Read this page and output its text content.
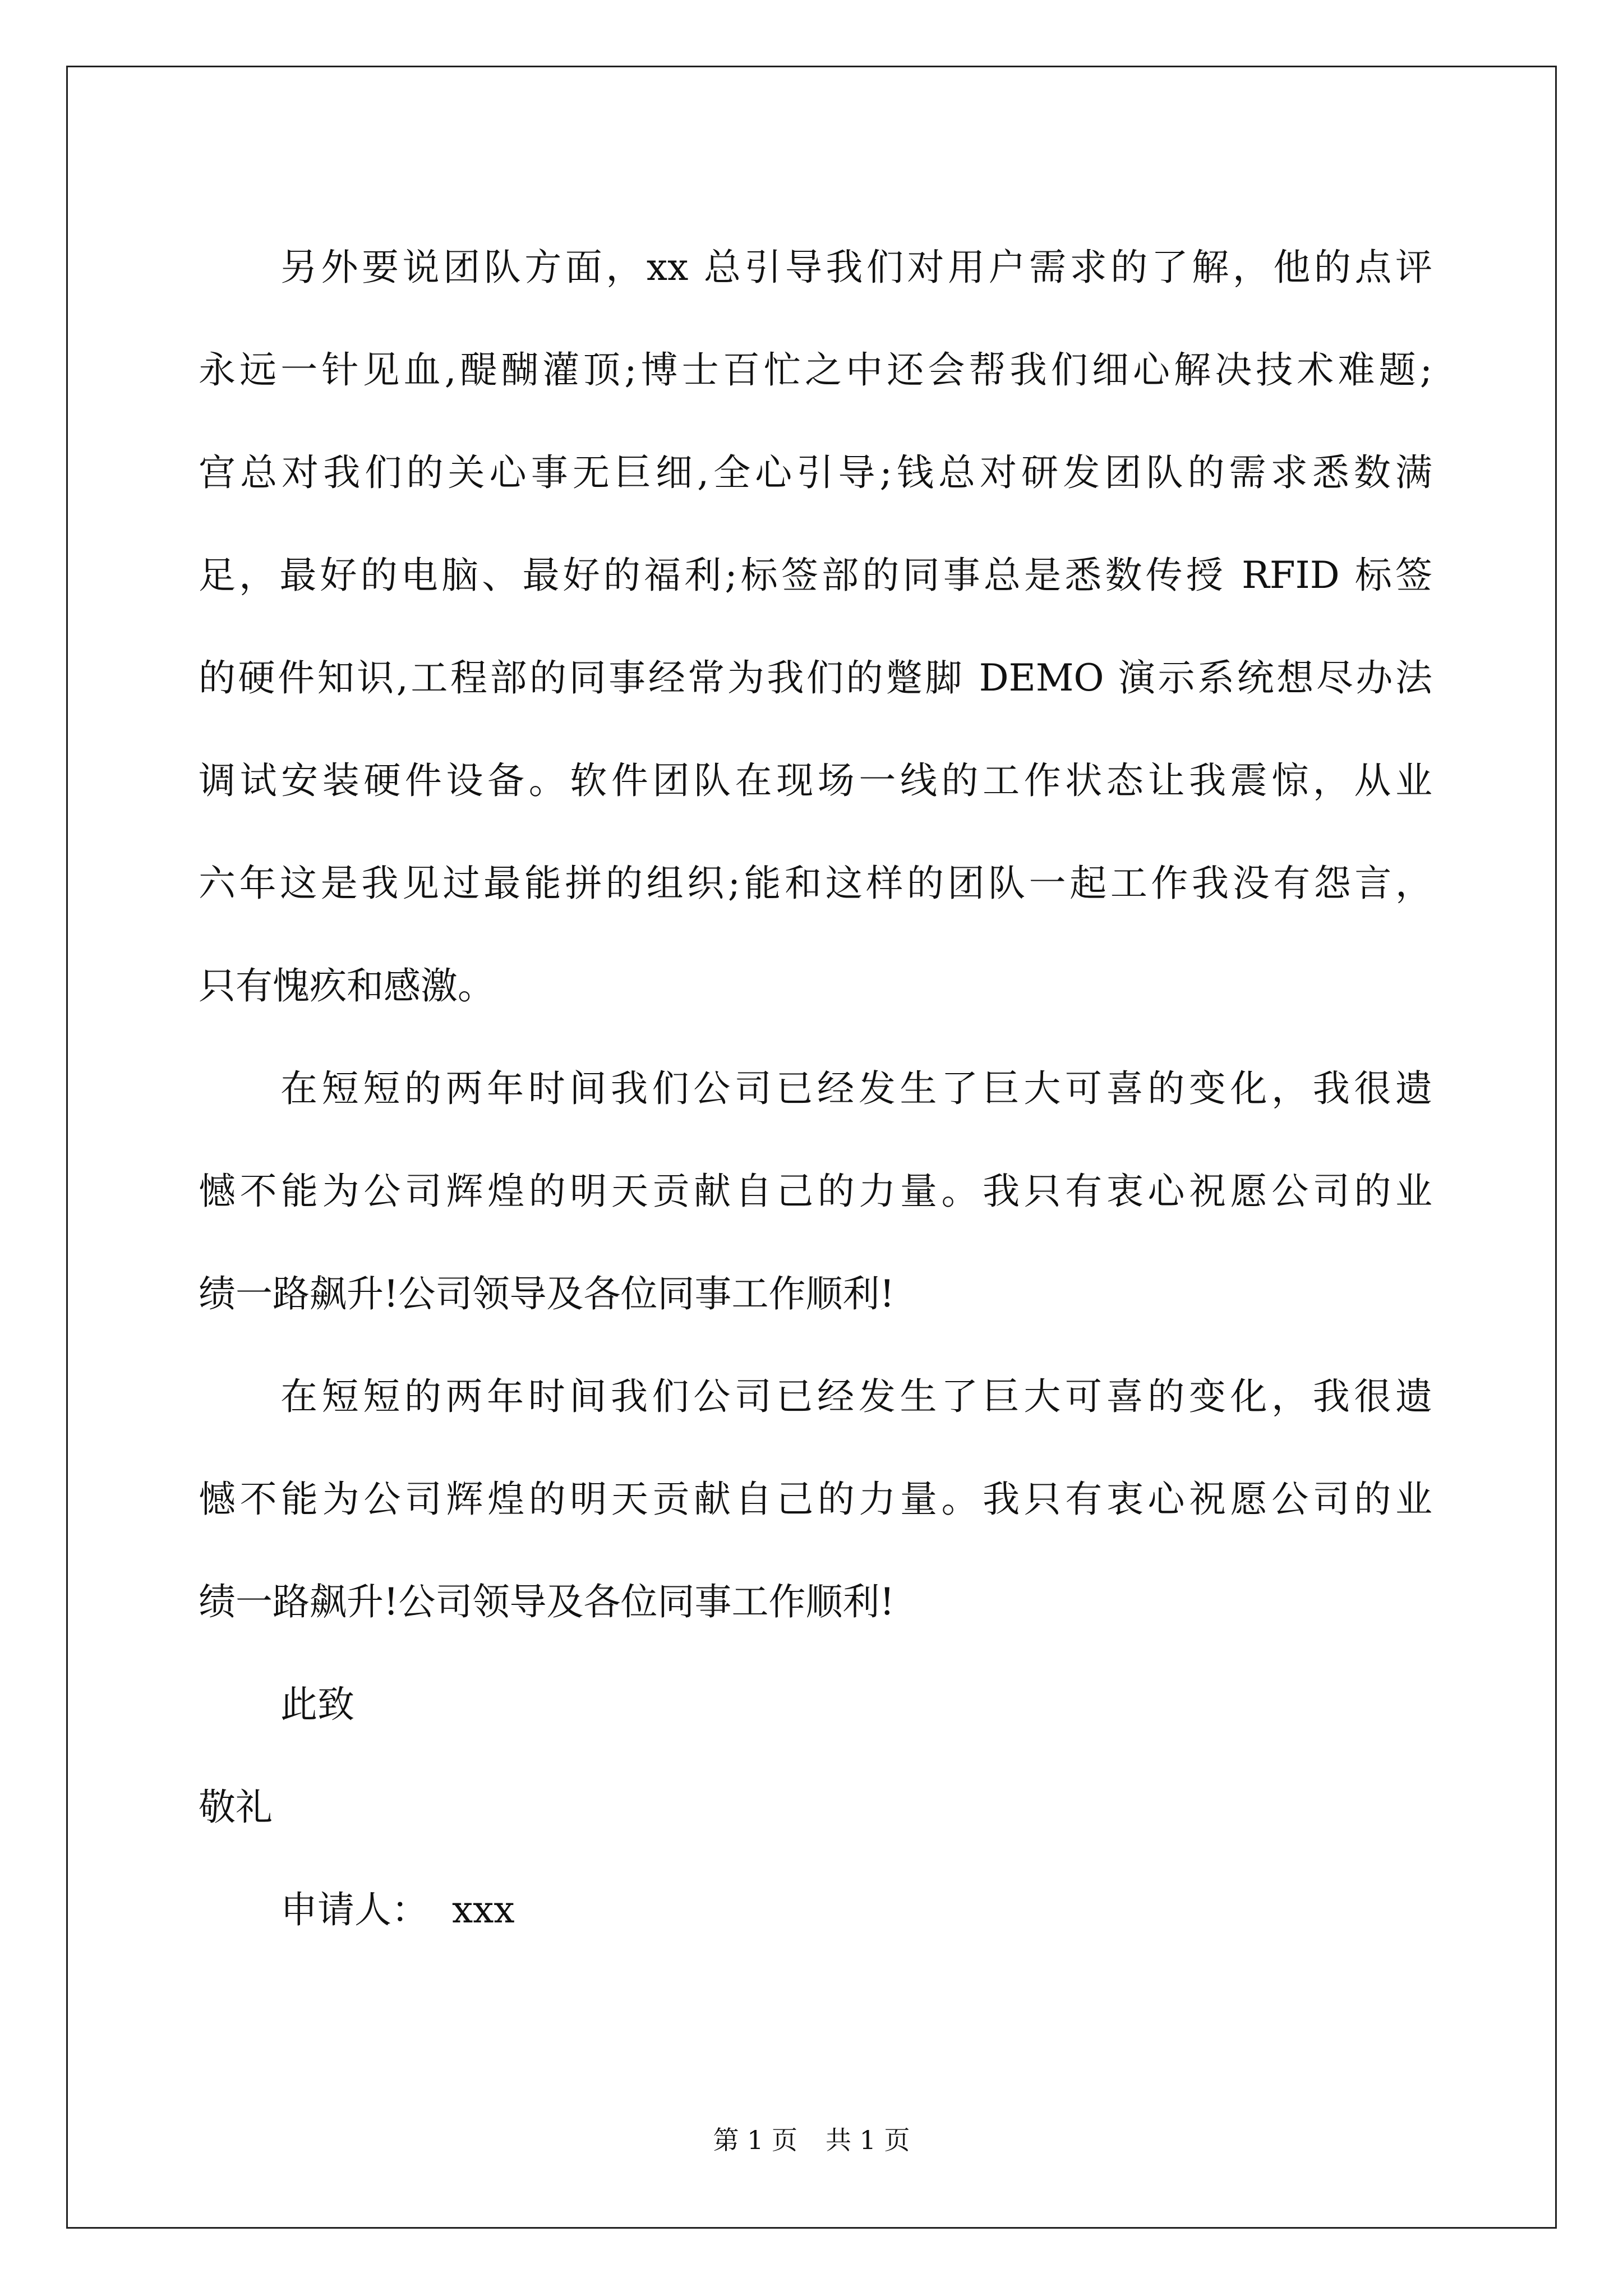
另外要说团队方面，xx 总引导我们对用户需求的了解，他的点评

永远一针见血,醍醐灌顶;博士百忙之中还会帮我们细心解决技术难题;

宫总对我们的关心事无巨细,全心引导;钱总对研发团队的需求悉数满

足，最好的电脑、最好的福利;标签部的同事总是悉数传授 RFID 标签

的硬件知识,工程部的同事经常为我们的蹩脚 DEMO 演示系统想尽办法

调试安装硬件设备。软件团队在现场一线的工作状态让我震惊，从业

六年这是我见过最能拼的组织;能和这样的团队一起工作我没有怨言，

只有愧疚和感激。

在短短的两年时间我们公司已经发生了巨大可喜的变化，我很遗

憾不能为公司辉煌的明天贡献自己的力量。我只有衷心祝愿公司的业

绩一路飙升!公司领导及各位同事工作顺利!

在短短的两年时间我们公司已经发生了巨大可喜的变化，我很遗

憾不能为公司辉煌的明天贡献自己的力量。我只有衷心祝愿公司的业

绩一路飙升!公司领导及各位同事工作顺利!

此致

敬礼

申请人：  xxx

第 1 页 共 1 页
